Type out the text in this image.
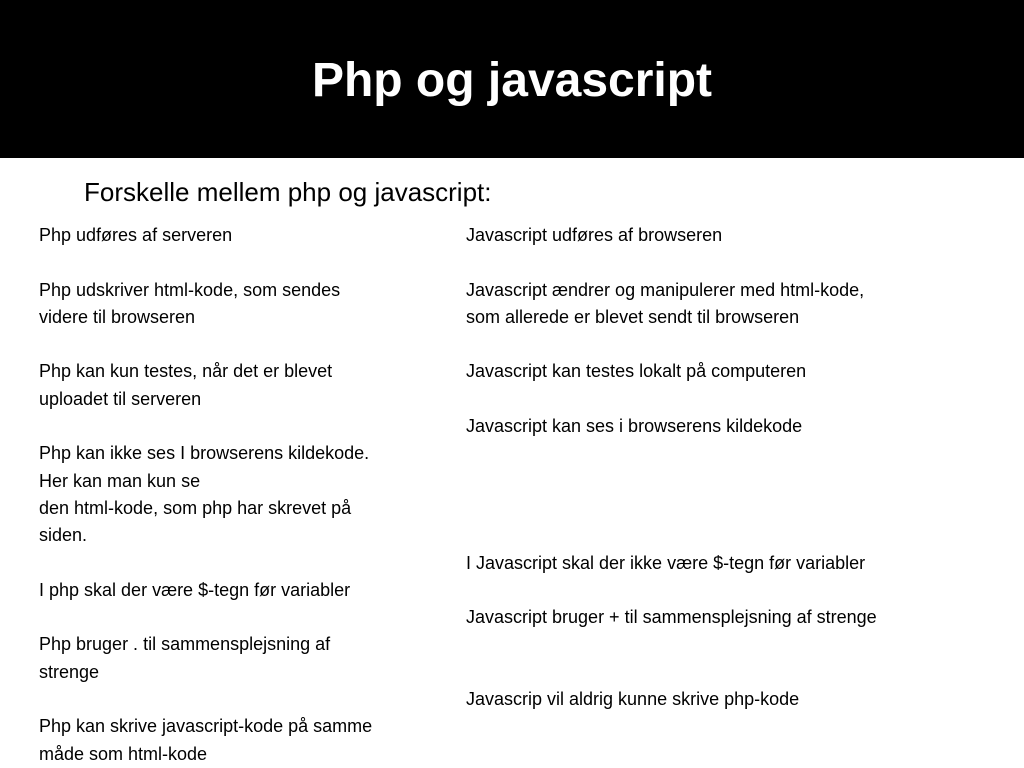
Php og javascript

Forskelle mellem php og javascript:

Php udføres af serveren

Php udskriver html-kode, som sendes
videre til browseren

Php kan kun testes, når det er blevet
uploadet til serveren

Php kan ikke ses I browserens kildekode.
Her kan man kun se
den html-kode, som php har skrevet på
siden.

I php skal der være $-tegn før variabler

Php bruger . til sammensplejsning af
strenge

Php kan skrive javascript-kode på samme
måde som html-kode

Javascript udføres af browseren

Javascript ændrer og manipulerer med html-kode,
som allerede er blevet sendt til browseren

Javascript kan testes lokalt på computeren

Javascript kan ses i browserens kildekode

I Javascript skal der ikke være $-tegn før variabler

Javascript bruger + til sammensplejsning af strenge

Javascrip vil aldrig kunne skrive php-kode
